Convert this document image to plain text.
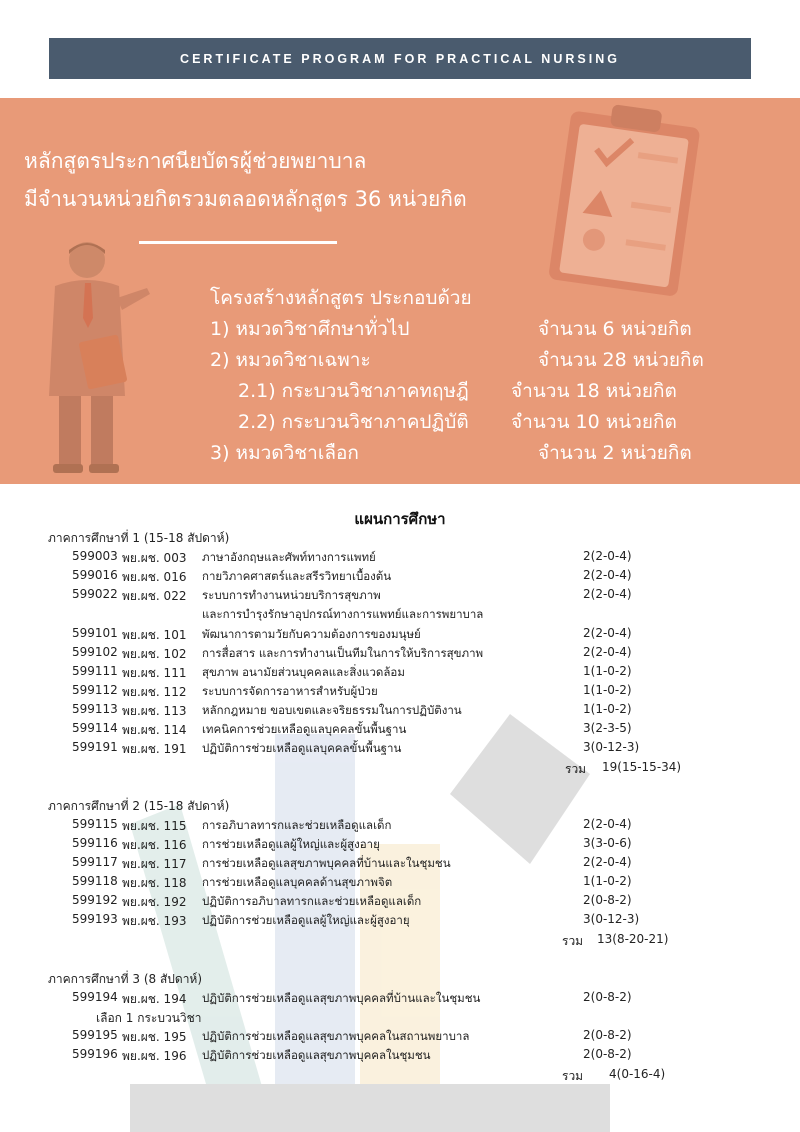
CERTIFICATE PROGRAM FOR PRACTICAL NURSING
หลักสูตรประกาศนียบัตรผู้ช่วยพยาบาล
มีจำนวนหน่วยกิตรวมตลอดหลักสูตร 36 หน่วยกิต
โครงสร้างหลักสูตร ประกอบด้วย
1) หมวดวิชาศึกษาทั่วไป	จำนวน 6 หน่วยกิต
2) หมวดวิชาเฉพาะ	จำนวน 28 หน่วยกิต
2.1) กระบวนวิชาภาคทฤษฎี จำนวน 18 หน่วยกิต
2.2) กระบวนวิชาภาคปฏิบัติ จำนวน 10 หน่วยกิต
3) หมวดวิชาเลือก	จำนวน 2 หน่วยกิต
แผนการศึกษา
ภาคการศึกษาที่ 1 (15-18 สัปดาห์)
599003 พย.ผช. 003 ภาษาอังกฤษและศัพท์ทางการแพทย์	2(2-0-4)
599016 พย.ผช. 016 กายวิภาคศาสตร์และสรีรวิทยาเบื้องต้น	2(2-0-4)
599022 พย.ผช. 022 ระบบการทำงานหน่วยบริการสุขภาพ	2(2-0-4)
และการบำรุงรักษาอุปกรณ์ทางการแพทย์และการพยาบาล
599101 พย.ผช. 101 พัฒนาการตามวัยกับความต้องการของมนุษย์	2(2-0-4)
599102 พย.ผช. 102 การสื่อสาร และการทำงานเป็นทีมในการให้บริการสุขภาพ	2(2-0-4)
599111 พย.ผช. 111 สุขภาพ อนามัยส่วนบุคคลและสิ่งแวดล้อม	1(1-0-2)
599112 พย.ผช. 112 ระบบการจัดการอาหารสำหรับผู้ป่วย	1(1-0-2)
599113 พย.ผช. 113 หลักกฎหมาย ขอบเขตและจริยธรรมในการปฏิบัติงาน	1(1-0-2)
599114 พย.ผช. 114 เทคนิคการช่วยเหลือดูแลบุคคลขั้นพื้นฐาน	3(2-3-5)
599191 พย.ผช. 191 ปฏิบัติการช่วยเหลือดูแลบุคคลขั้นพื้นฐาน	3(0-12-3)
รวม 19(15-15-34)
ภาคการศึกษาที่ 2 (15-18 สัปดาห์)
599115 พย.ผช. 115 การอภิบาลทารกและช่วยเหลือดูแลเด็ก	2(2-0-4)
599116 พย.ผช. 116 การช่วยเหลือดูแลผู้ใหญ่และผู้สูงอายุ	3(3-0-6)
599117 พย.ผช. 117 การช่วยเหลือดูแลสุขภาพบุคคลที่บ้านและในชุมชน	2(2-0-4)
599118 พย.ผช. 118 การช่วยเหลือดูแลบุคคลด้านสุขภาพจิต	1(1-0-2)
599192 พย.ผช. 192 ปฏิบัติการอภิบาลทารกและช่วยเหลือดูแลเด็ก	2(0-8-2)
599193 พย.ผช. 193 ปฏิบัติการช่วยเหลือดูแลผู้ใหญ่และผู้สูงอายุ	3(0-12-3)
รวม 13(8-20-21)
ภาคการศึกษาที่ 3 (8 สัปดาห์)
599194 พย.ผช. 194 ปฏิบัติการช่วยเหลือดูแลสุขภาพบุคคลที่บ้านและในชุมชน	2(0-8-2)
เลือก 1 กระบวนวิชา
599195 พย.ผช. 195 ปฏิบัติการช่วยเหลือดูแลสุขภาพบุคคลในสถานพยาบาล	2(0-8-2)
599196 พย.ผช. 196 ปฏิบัติการช่วยเหลือดูแลสุขภาพบุคคลในชุมชน	2(0-8-2)
รวม 4(0-16-4)
